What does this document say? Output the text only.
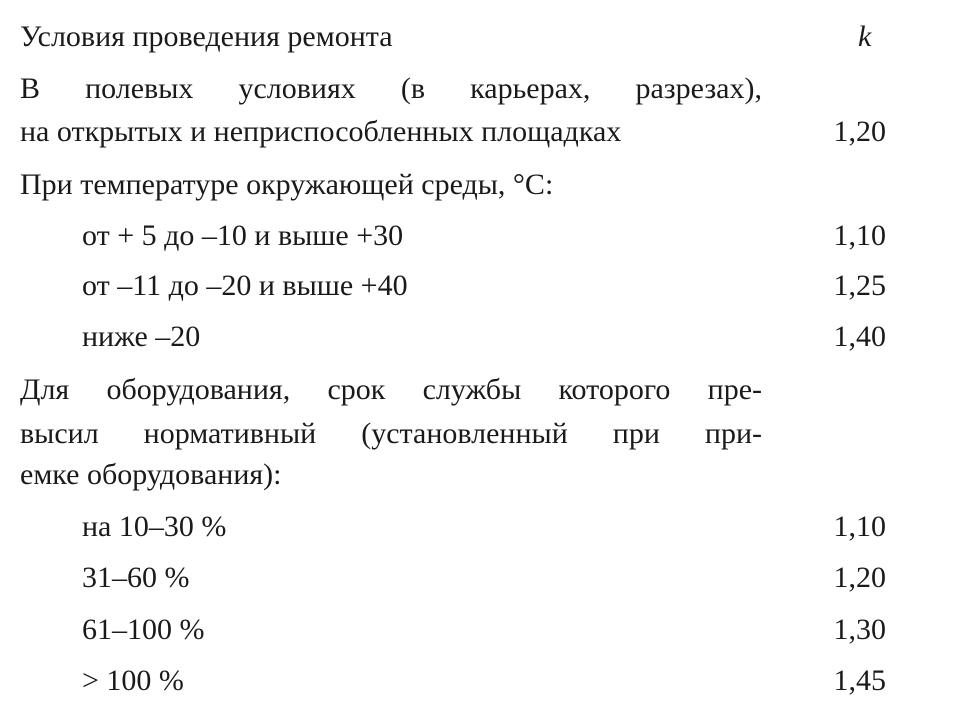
Условия проведения ремонта	k
В полевых условиях (в карьерах, разрезах),
на открытых и неприспособленных площадках	1,20
При температуре окружающей среды, °С:
от + 5 до –10 и выше +30	1,10
от –11 до –20 и выше +40	1,25
ниже –20	1,40
Для оборудования, срок службы которого пре-
высил нормативный (установленный при при-
емке оборудования):
на 10–30 %	1,10
31–60 %	1,20
61–100 %	1,30
> 100 %	1,45
